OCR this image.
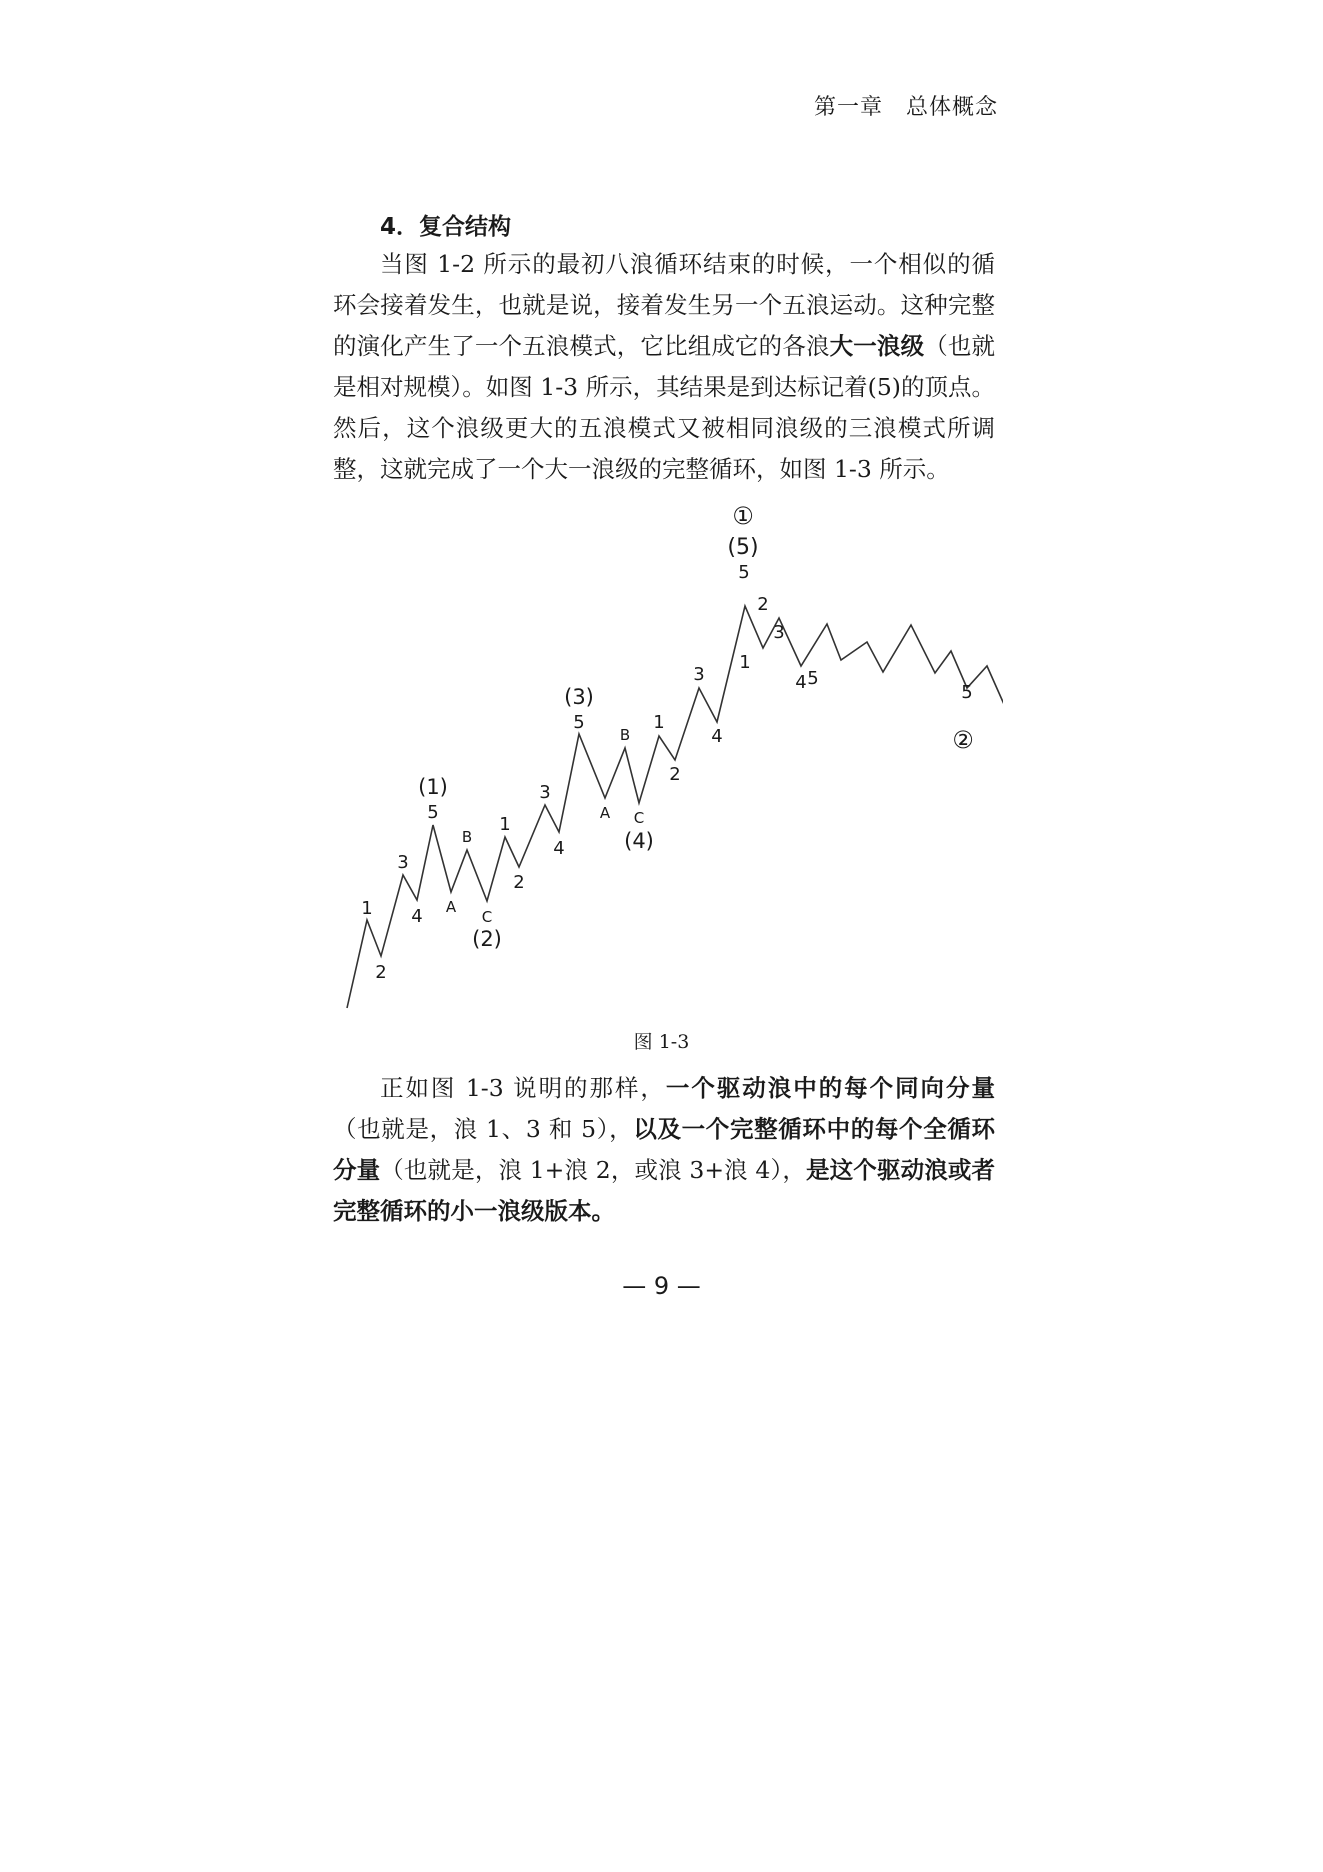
第一章　总体概念
4．复合结构

当图 1-2 所示的最初八浪循环结束的时候，一个相似的循环会接着发生，也就是说，接着发生另一个五浪运动。这种完整的演化产生了一个五浪模式，它比组成它的各浪大一浪级（也就是相对规模）。如图 1-3 所示，其结果是到达标记着(5)的顶点。然后，这个浪级更大的五浪模式又被相同浪级的三浪模式所调整，这就完成了一个大一浪级的完整循环，如图 1-3 所示。

①
(5)
5
1
2
3
4
5
(1)
A
B
C
(2)
1
2
3
4
5
(3)
A
B
C
(4)
1
2
3
4
1
2
3
4 5
5
②
图 1-3

正如图 1-3 说明的那样，一个驱动浪中的每个同向分量（也就是，浪 1、3 和 5），以及一个完整循环中的每个全循环分量（也就是，浪 1+浪 2，或浪 3+浪 4），是这个驱动浪或者完整循环的小一浪级版本。

— 9 —
